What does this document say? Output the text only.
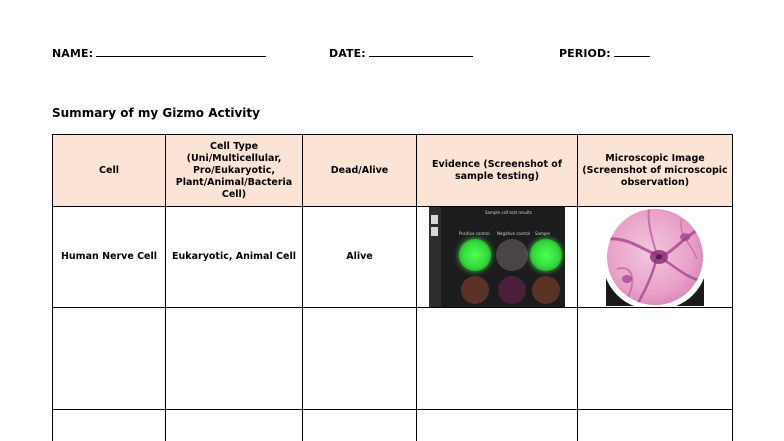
NAME:	DATE:	PERIOD:
Summary of my Gizmo Activity
Cell	Cell Type (Uni/Multicellular, Pro/Eukaryotic, Plant/Animal/Bacteria Cell)	Dead/Alive	Evidence (Screenshot of sample testing)	Microscopic Image (Screenshot of microscopic observation)
Human Nerve Cell	Eukaryotic, Animal Cell	Alive	Sample cell test results
Positive control Negative control Sample
